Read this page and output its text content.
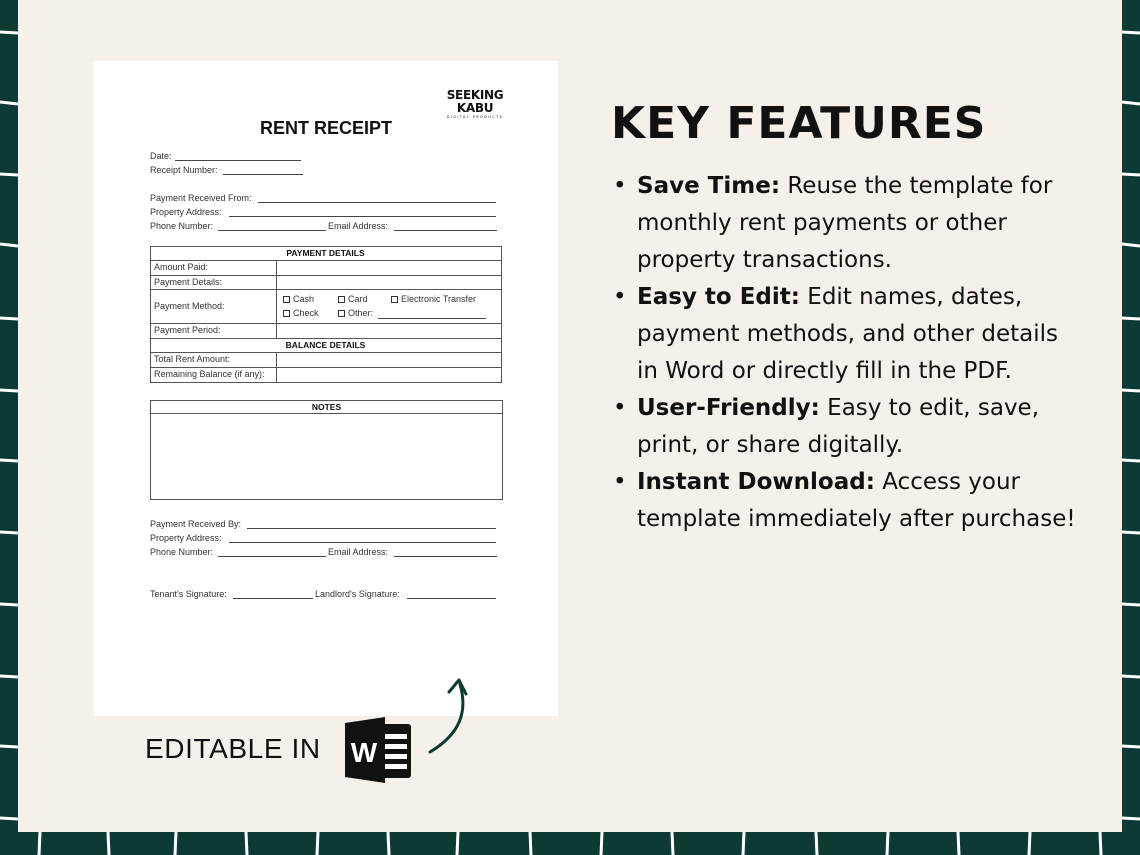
SEEKING KABU
DIGITAL PRODUCTS
RENT RECEIPT
Date:
Receipt Number:
Payment Received From:
Property Address:
Phone Number:	Email Address:
PAYMENT DETAILS
Amount Paid:
Payment Details:
Payment Method:
Cash	Card	Electronic Transfer
Check	Other:
Payment Period:
BALANCE DETAILS
Total Rent Amount:
Remaining Balance (if any):
NOTES
Payment Received By:
Property Address:
Phone Number:	Email Address:
Tenant's Signature:	Landlord's Signature:
EDITABLE IN W
KEY FEATURES
• Save Time: Reuse the template for monthly rent payments or other property transactions.
• Easy to Edit: Edit names, dates, payment methods, and other details in Word or directly fill in the PDF.
• User-Friendly: Easy to edit, save, print, or share digitally.
• Instant Download: Access your template immediately after purchase!
